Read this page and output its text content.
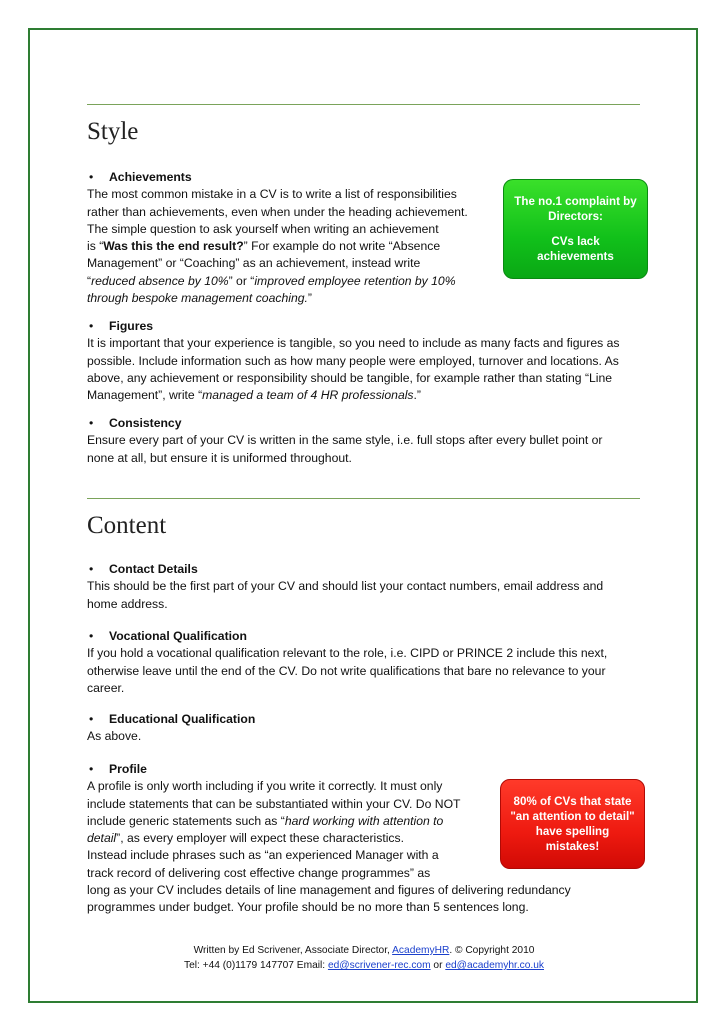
Style
• Achievements
The most common mistake in a CV is to write a list of responsibilities
rather than achievements, even when under the heading achievement.
The simple question to ask yourself when writing an achievement
is “Was this the end result?” For example do not write “Absence
Management” or “Coaching” as an achievement, instead write
“reduced absence by 10%” or “improved employee retention by 10%
through bespoke management coaching.”
The no.1 complaint by
Directors:
CVs lack achievements
• Figures
It is important that your experience is tangible, so you need to include as many facts and figures as
possible. Include information such as how many people were employed, turnover and locations. As
above, any achievement or responsibility should be tangible, for example rather than stating “Line
Management”, write “managed a team of 4 HR professionals.”
• Consistency
Ensure every part of your CV is written in the same style, i.e. full stops after every bullet point or
none at all, but ensure it is uniformed throughout.
Content
• Contact Details
This should be the first part of your CV and should list your contact numbers, email address and
home address.
• Vocational Qualification
If you hold a vocational qualification relevant to the role, i.e. CIPD or PRINCE 2 include this next,
otherwise leave until the end of the CV. Do not write qualifications that bare no relevance to your
career.
• Educational Qualification
As above.
• Profile
A profile is only worth including if you write it correctly. It must only
include statements that can be substantiated within your CV. Do NOT
include generic statements such as “hard working with attention to
detail”, as every employer will expect these characteristics.
Instead include phrases such as “an experienced Manager with a
track record of delivering cost effective change programmes” as
long as your CV includes details of line management and figures of delivering redundancy
programmes under budget. Your profile should be no more than 5 sentences long.
80% of CVs that state
"an attention to detail"
have spelling mistakes!
Written by Ed Scrivener, Associate Director, AcademyHR. © Copyright 2010
Tel: +44 (0)1179 147707 Email: ed@scrivener-rec.com or ed@academyhr.co.uk
